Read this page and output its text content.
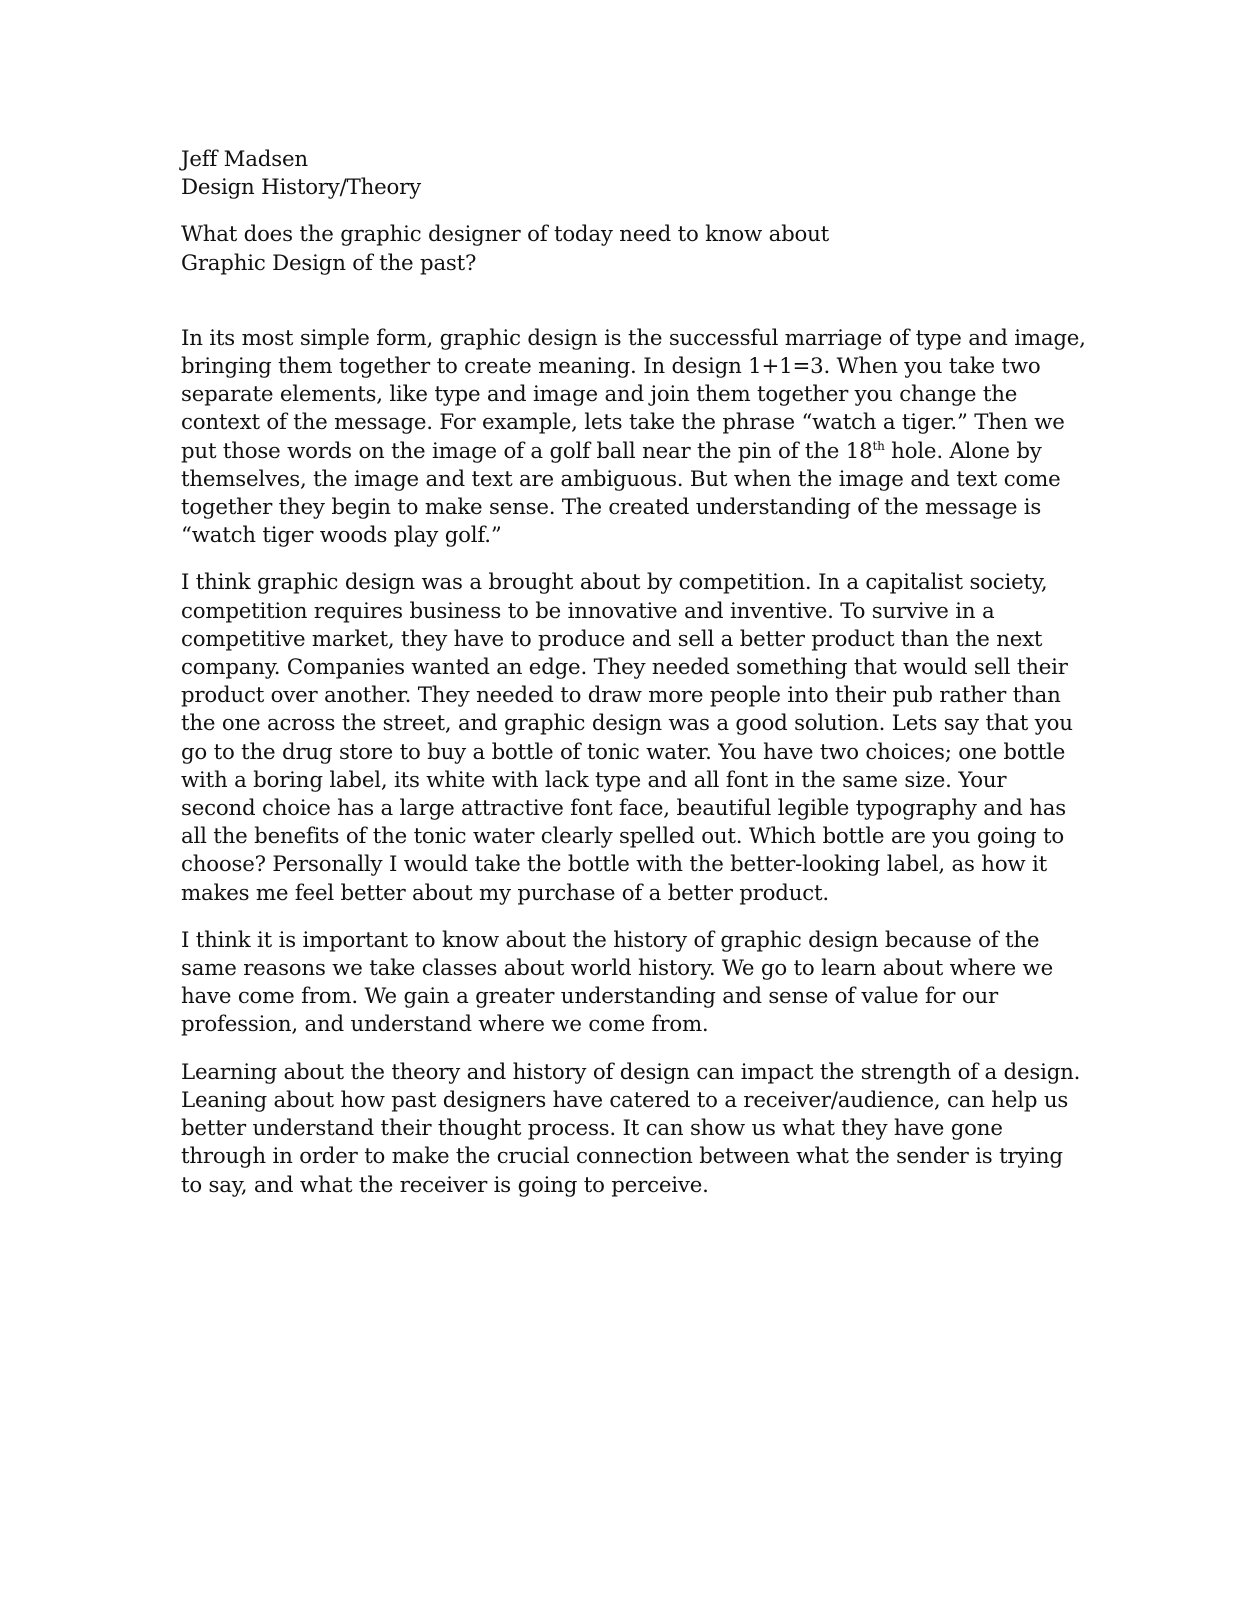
Jeff Madsen
Design History/Theory
What does the graphic designer of today need to know about
Graphic Design of the past?
In its most simple form, graphic design is the successful marriage of type and image,
bringing them together to create meaning. In design 1+1=3. When you take two
separate elements, like type and image and join them together you change the
context of the message. For example, lets take the phrase “watch a tiger.” Then we
put those words on the image of a golf ball near the pin of the 18th hole. Alone by
themselves, the image and text are ambiguous. But when the image and text come
together they begin to make sense. The created understanding of the message is
“watch tiger woods play golf.”
I think graphic design was a brought about by competition. In a capitalist society,
competition requires business to be innovative and inventive. To survive in a
competitive market, they have to produce and sell a better product than the next
company. Companies wanted an edge. They needed something that would sell their
product over another. They needed to draw more people into their pub rather than
the one across the street, and graphic design was a good solution. Lets say that you
go to the drug store to buy a bottle of tonic water. You have two choices; one bottle
with a boring label, its white with lack type and all font in the same size. Your
second choice has a large attractive font face, beautiful legible typography and has
all the benefits of the tonic water clearly spelled out. Which bottle are you going to
choose? Personally I would take the bottle with the better-looking label, as how it
makes me feel better about my purchase of a better product.
I think it is important to know about the history of graphic design because of the
same reasons we take classes about world history. We go to learn about where we
have come from. We gain a greater understanding and sense of value for our
profession, and understand where we come from.
Learning about the theory and history of design can impact the strength of a design.
Leaning about how past designers have catered to a receiver/audience, can help us
better understand their thought process. It can show us what they have gone
through in order to make the crucial connection between what the sender is trying
to say, and what the receiver is going to perceive.
